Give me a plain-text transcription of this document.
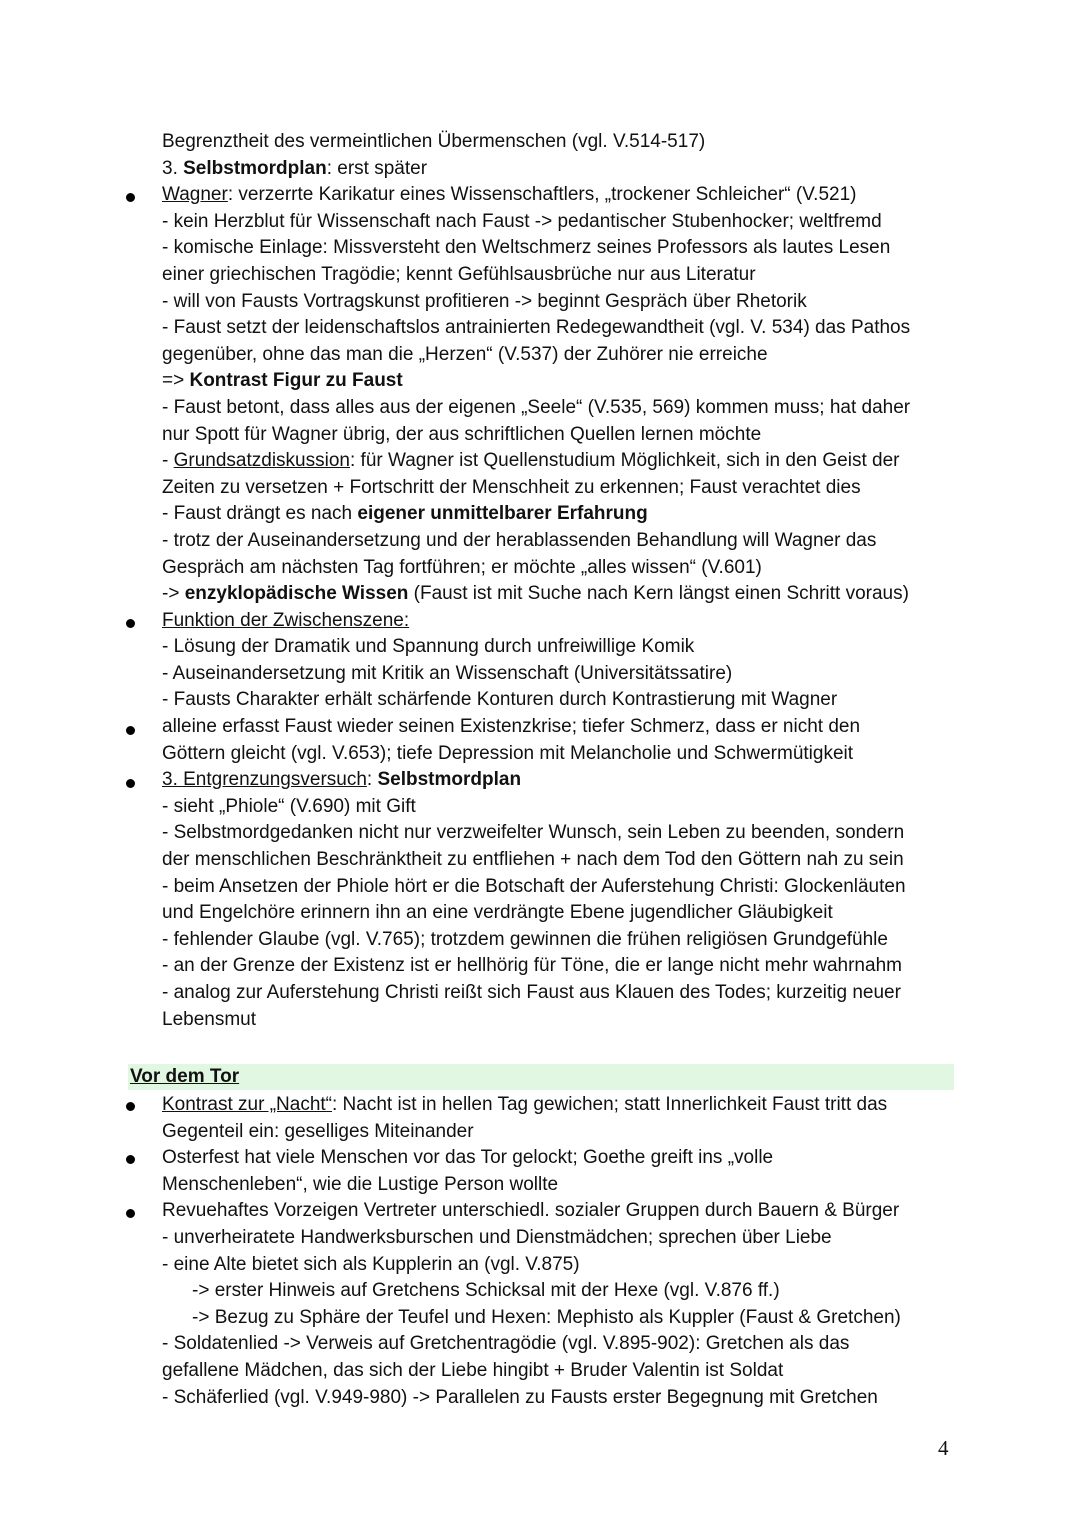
Begrenztheit des vermeintlichen Übermenschen (vgl. V.514-517)
3. Selbstmordplan: erst später
Wagner: verzerrte Karikatur eines Wissenschaftlers, „trockener Schleicher“ (V.521)
- kein Herzblut für Wissenschaft nach Faust -> pedantischer Stubenhocker; weltfremd
- komische Einlage: Missversteht den Weltschmerz seines Professors als lautes Lesen
einer griechischen Tragödie; kennt Gefühlsausbrüche nur aus Literatur
- will von Fausts Vortragskunst profitieren -> beginnt Gespräch über Rhetorik
- Faust setzt der leidenschaftslos antrainierten Redegewandtheit (vgl. V. 534) das Pathos
gegenüber, ohne das man die „Herzen“ (V.537) der Zuhörer nie erreiche
=> Kontrast Figur zu Faust
- Faust betont, dass alles aus der eigenen „Seele“ (V.535, 569) kommen muss; hat daher
nur Spott für Wagner übrig, der aus schriftlichen Quellen lernen möchte
- Grundsatzdiskussion: für Wagner ist Quellenstudium Möglichkeit, sich in den Geist der
Zeiten zu versetzen + Fortschritt der Menschheit zu erkennen; Faust verachtet dies
- Faust drängt es nach eigener unmittelbarer Erfahrung
- trotz der Auseinandersetzung und der herablassenden Behandlung will Wagner das
Gespräch am nächsten Tag fortführen; er möchte „alles wissen“ (V.601)
-> enzyklopädische Wissen (Faust ist mit Suche nach Kern längst einen Schritt voraus)
Funktion der Zwischenszene:
- Lösung der Dramatik und Spannung durch unfreiwillige Komik
- Auseinandersetzung mit Kritik an Wissenschaft (Universitätssatire)
- Fausts Charakter erhält schärfende Konturen durch Kontrastierung mit Wagner
alleine erfasst Faust wieder seinen Existenzkrise; tiefer Schmerz, dass er nicht den
Göttern gleicht (vgl. V.653); tiefe Depression mit Melancholie und Schwermütigkeit
3. Entgrenzungsversuch: Selbstmordplan
- sieht „Phiole“ (V.690) mit Gift
- Selbstmordgedanken nicht nur verzweifelter Wunsch, sein Leben zu beenden, sondern
der menschlichen Beschränktheit zu entfliehen + nach dem Tod den Göttern nah zu sein
- beim Ansetzen der Phiole hört er die Botschaft der Auferstehung Christi: Glockenläuten
und Engelchöre erinnern ihn an eine verdrängte Ebene jugendlicher Gläubigkeit
- fehlender Glaube (vgl. V.765); trotzdem gewinnen die frühen religiösen Grundgefühle
- an der Grenze der Existenz ist er hellhörig für Töne, die er lange nicht mehr wahrnahm
- analog zur Auferstehung Christi reißt sich Faust aus Klauen des Todes; kurzeitig neuer
Lebensmut
Vor dem Tor
Kontrast zur „Nacht“: Nacht ist in hellen Tag gewichen; statt Innerlichkeit Faust tritt das
Gegenteil ein: geselliges Miteinander
Osterfest hat viele Menschen vor das Tor gelockt; Goethe greift ins „volle
Menschenleben“, wie die Lustige Person wollte
Revuehaftes Vorzeigen Vertreter unterschiedl. sozialer Gruppen durch Bauern & Bürger
- unverheiratete Handwerksburschen und Dienstmädchen; sprechen über Liebe
- eine Alte bietet sich als Kupplerin an (vgl. V.875)
-> erster Hinweis auf Gretchens Schicksal mit der Hexe (vgl. V.876 ff.)
-> Bezug zu Sphäre der Teufel und Hexen: Mephisto als Kuppler (Faust & Gretchen)
- Soldatenlied -> Verweis auf Gretchentragödie (vgl. V.895-902): Gretchen als das
gefallene Mädchen, das sich der Liebe hingibt + Bruder Valentin ist Soldat
- Schäferlied (vgl. V.949-980) -> Parallelen zu Fausts erster Begegnung mit Gretchen
4
